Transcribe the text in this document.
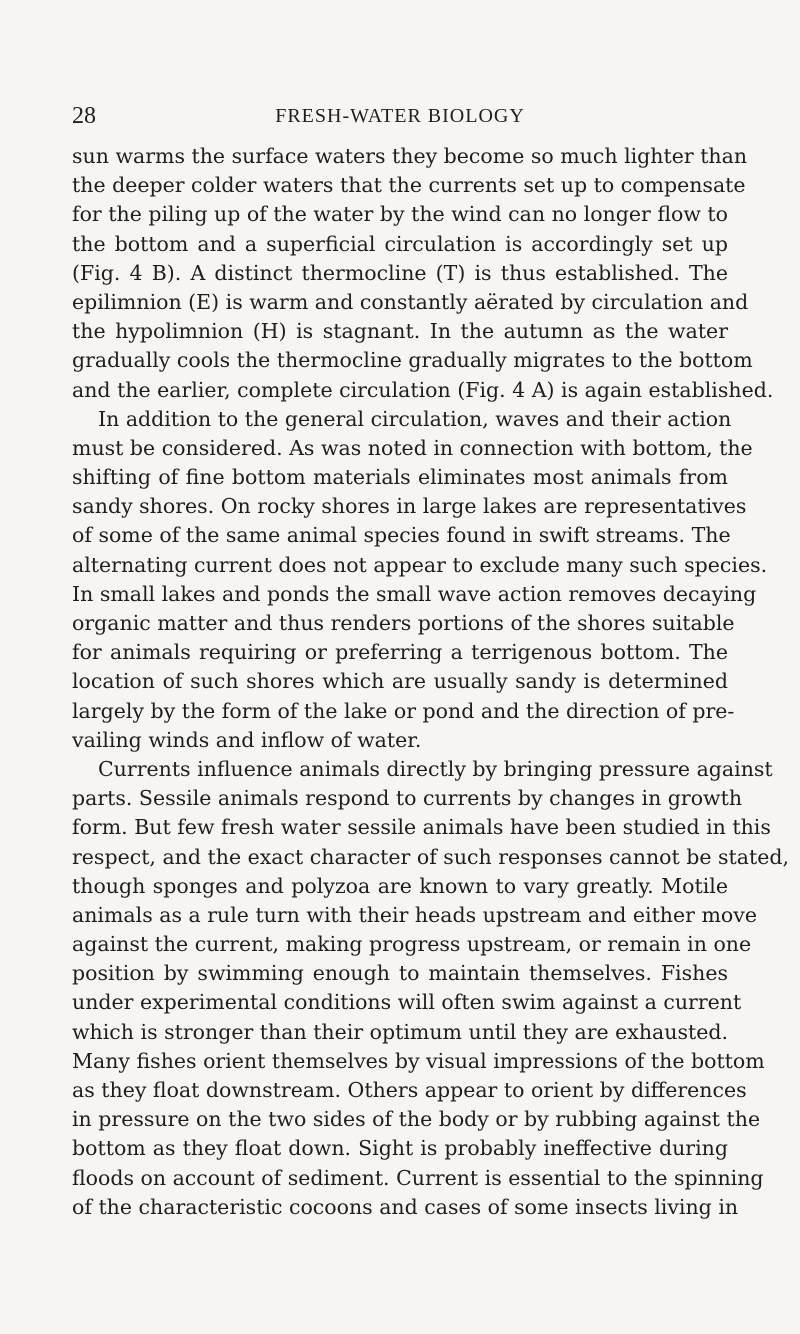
28	FRESH-WATER BIOLOGY
sun warms the surface waters they become so much lighter than
the deeper colder waters that the currents set up to compensate
for the piling up of the water by the wind can no longer flow to
the bottom and a superficial circulation is accordingly set up
(Fig. 4 B). A distinct thermocline (T) is thus established. The
epilimnion (E) is warm and constantly aërated by circulation and
the hypolimnion (H) is stagnant. In the autumn as the water
gradually cools the thermocline gradually migrates to the bottom
and the earlier, complete circulation (Fig. 4 A) is again established.
In addition to the general circulation, waves and their action
must be considered. As was noted in connection with bottom, the
shifting of fine bottom materials eliminates most animals from
sandy shores. On rocky shores in large lakes are representatives
of some of the same animal species found in swift streams. The
alternating current does not appear to exclude many such species.
In small lakes and ponds the small wave action removes decaying
organic matter and thus renders portions of the shores suitable
for animals requiring or preferring a terrigenous bottom. The
location of such shores which are usually sandy is determined
largely by the form of the lake or pond and the direction of pre-
vailing winds and inflow of water.
Currents influence animals directly by bringing pressure against
parts. Sessile animals respond to currents by changes in growth
form. But few fresh water sessile animals have been studied in this
respect, and the exact character of such responses cannot be stated,
though sponges and polyzoa are known to vary greatly. Motile
animals as a rule turn with their heads upstream and either move
against the current, making progress upstream, or remain in one
position by swimming enough to maintain themselves. Fishes
under experimental conditions will often swim against a current
which is stronger than their optimum until they are exhausted.
Many fishes orient themselves by visual impressions of the bottom
as they float downstream. Others appear to orient by differences
in pressure on the two sides of the body or by rubbing against the
bottom as they float down. Sight is probably ineffective during
floods on account of sediment. Current is essential to the spinning
of the characteristic cocoons and cases of some insects living in
